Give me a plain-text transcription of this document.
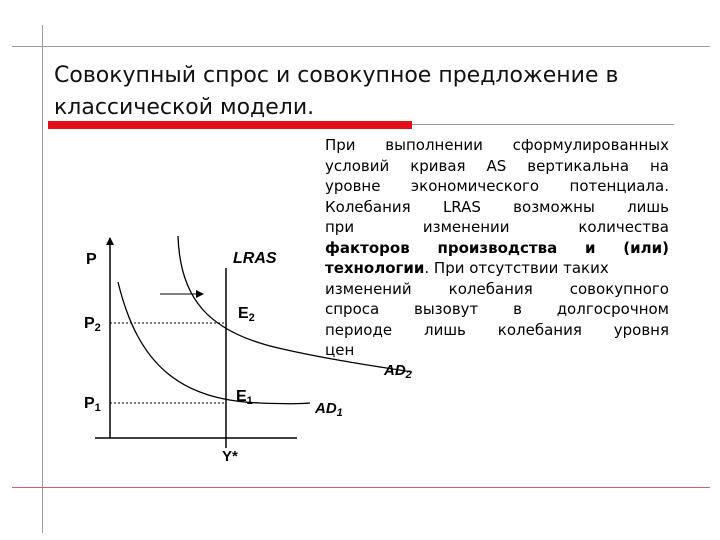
Совокупный спрос и совокупное предложение в
классической модели.
При выполнении сформулированных
условий кривая AS вертикальна на
уровне экономического потенциала.
Колебания LRAS возможны лишь
при	изменении	количества
факторов производства и (или)
технологии. При отсутствии таких
изменений колебания совокупного
спроса вызовут в долгосрочном
периоде лишь колебания уровня
цен
P
P2
P1
LRAS
E2
E1
Y*
$AD_2$
$AD_1$
